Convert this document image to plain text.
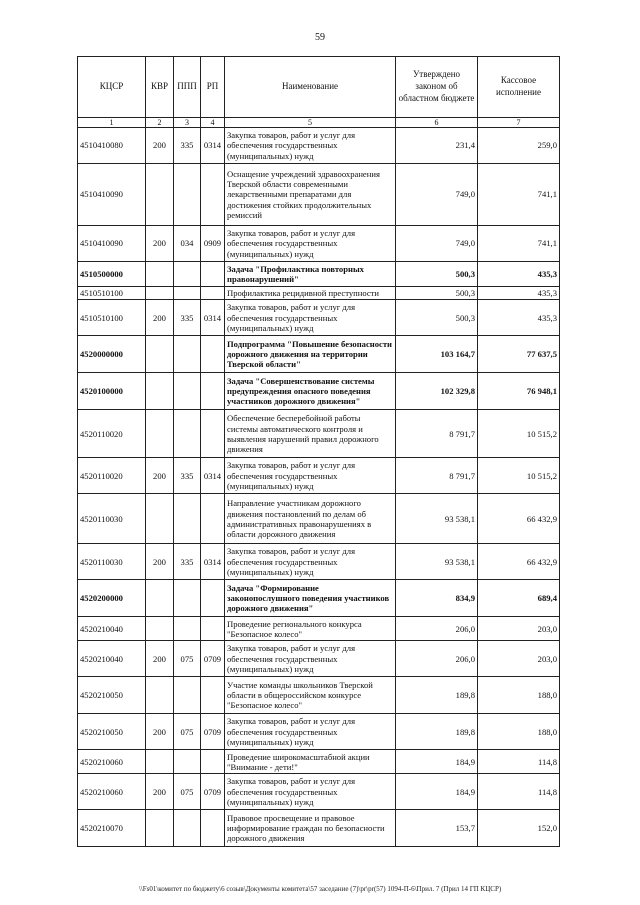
59
КЦСР	КВР	ППП	РП	Наименование	Утверждено законом об областном бюджете	Кассовое исполнение
1	2	3	4	5	6	7
4510410080	200	335	0314	Закупка товаров, работ и услуг для обеспечения государственных (муниципальных) нужд	231,4	259,0
4510410090				Оснащение учреждений здравоохранения Тверской области современными лекарственными препаратами для достижения стойких продолжительных ремиссий	749,0	741,1
4510410090	200	034	0909	Закупка товаров, работ и услуг для обеспечения государственных (муниципальных) нужд	749,0	741,1
4510500000				Задача "Профилактика повторных правонарушений"	500,3	435,3
4510510100				Профилактика рецидивной преступности	500,3	435,3
4510510100	200	335	0314	Закупка товаров, работ и услуг для обеспечения государственных (муниципальных) нужд	500,3	435,3
4520000000				Подпрограмма "Повышение безопасности дорожного движения на территории Тверской области"	103 164,7	77 637,5
4520100000				Задача "Совершенствование системы предупреждения опасного поведения участников дорожного движения"	102 329,8	76 948,1
4520110020				Обеспечение бесперебойной работы системы автоматического контроля и выявления нарушений правил дорожного движения	8 791,7	10 515,2
4520110020	200	335	0314	Закупка товаров, работ и услуг для обеспечения государственных (муниципальных) нужд	8 791,7	10 515,2
4520110030				Направление участникам дорожного движения постановлений по делам об административных правонарушениях в области дорожного движения	93 538,1	66 432,9
4520110030	200	335	0314	Закупка товаров, работ и услуг для обеспечения государственных (муниципальных) нужд	93 538,1	66 432,9
4520200000				Задача "Формирование законопослушного поведения участников дорожного движения"	834,9	689,4
4520210040				Проведение регионального конкурса "Безопасное колесо"	206,0	203,0
4520210040	200	075	0709	Закупка товаров, работ и услуг для обеспечения государственных (муниципальных) нужд	206,0	203,0
4520210050				Участие команды школьников Тверской области в общероссийском конкурсе "Безопасное колесо"	189,8	188,0
4520210050	200	075	0709	Закупка товаров, работ и услуг для обеспечения государственных (муниципальных) нужд	189,8	188,0
4520210060				Проведение широкомасштабной акции "Внимание - дети!"	184,9	114,8
4520210060	200	075	0709	Закупка товаров, работ и услуг для обеспечения государственных (муниципальных) нужд	184,9	114,8
4520210070				Правовое просвещение и правовое информирование граждан по безопасности дорожного движения	153,7	152,0
\\Fs01\комитет по бюджету\6 созыв\Документы комитета\57 заседание (7)\pr\pr(57) 1094-П-6\Прил. 7 (Прил 14 ГП КЦСР)
